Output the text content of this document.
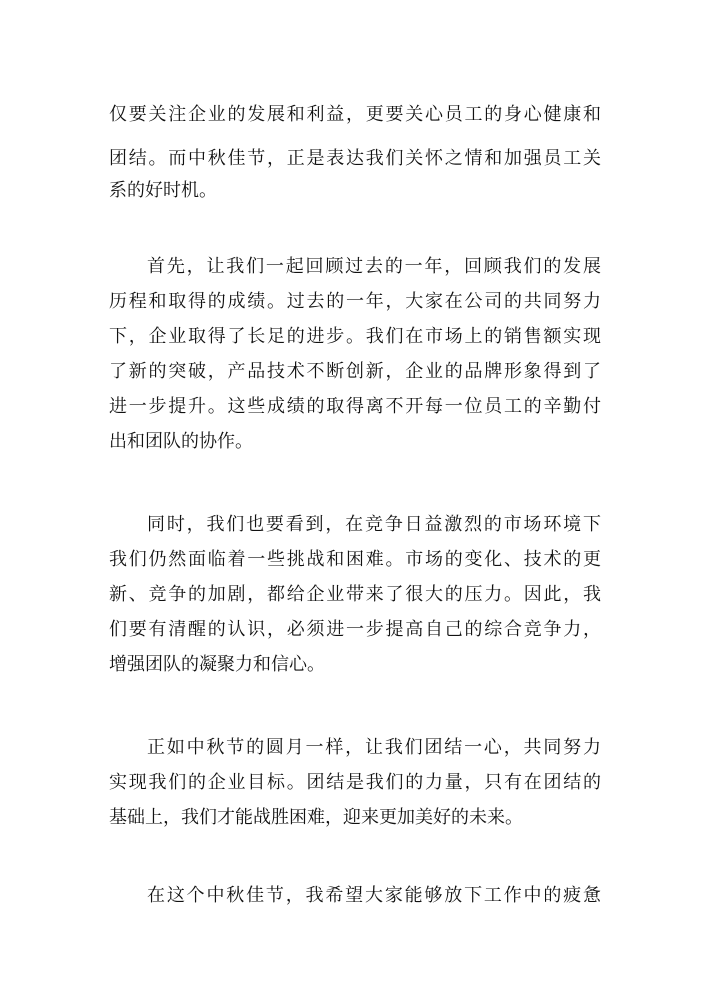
仅要关注企业的发展和利益，更要关心员工的身心健康和
团结。而中秋佳节，正是表达我们关怀之情和加强员工关
系的好时机。
首先，让我们一起回顾过去的一年，回顾我们的发展
历程和取得的成绩。过去的一年，大家在公司的共同努力
下，企业取得了长足的进步。我们在市场上的销售额实现
了新的突破，产品技术不断创新，企业的品牌形象得到了
进一步提升。这些成绩的取得离不开每一位员工的辛勤付
出和团队的协作。
同时，我们也要看到，在竞争日益激烈的市场环境下
我们仍然面临着一些挑战和困难。市场的变化、技术的更
新、竞争的加剧，都给企业带来了很大的压力。因此，我
们要有清醒的认识，必须进一步提高自己的综合竞争力，
增强团队的凝聚力和信心。
正如中秋节的圆月一样，让我们团结一心，共同努力
实现我们的企业目标。团结是我们的力量，只有在团结的
基础上，我们才能战胜困难，迎来更加美好的未来。
在这个中秋佳节，我希望大家能够放下工作中的疲惫
